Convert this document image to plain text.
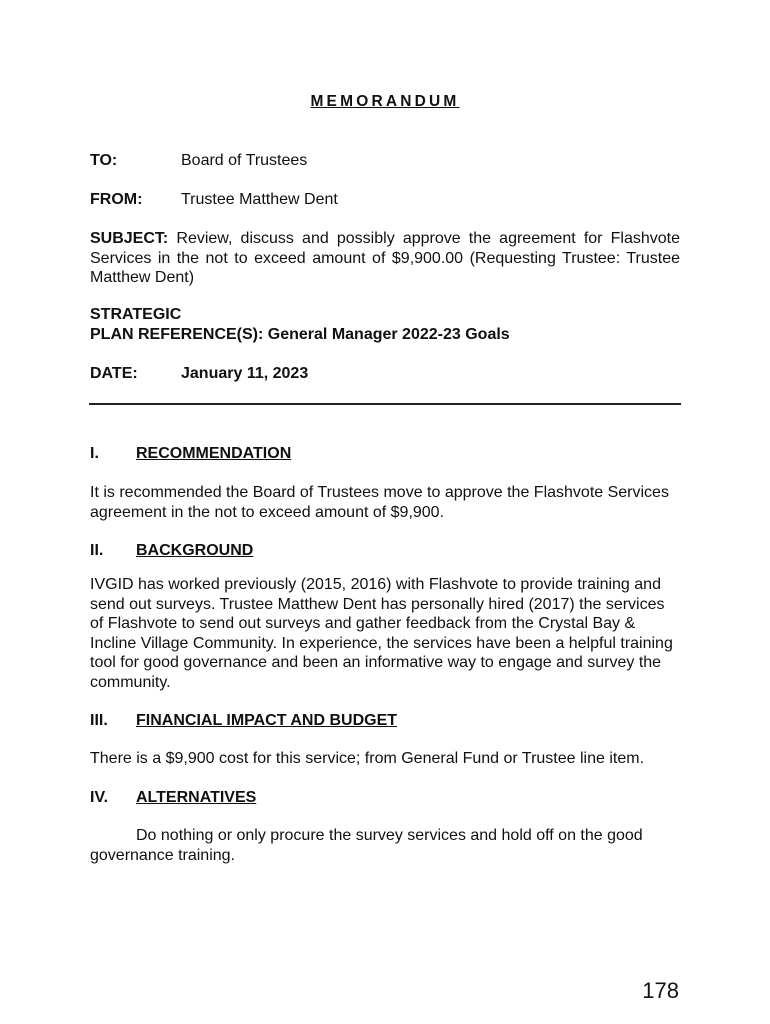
MEMORANDUM
TO:	Board of Trustees
FROM: Trustee Matthew Dent
SUBJECT: Review, discuss and possibly approve the agreement for Flashvote Services in the not to exceed amount of $9,900.00 (Requesting Trustee: Trustee Matthew Dent)
STRATEGIC
PLAN REFERENCE(S): General Manager 2022-23 Goals
DATE:	January 11, 2023
I. RECOMMENDATION
It is recommended the Board of Trustees move to approve the Flashvote Services agreement in the not to exceed amount of $9,900.
II. BACKGROUND
IVGID has worked previously (2015, 2016) with Flashvote to provide training and send out surveys. Trustee Matthew Dent has personally hired (2017) the services of Flashvote to send out surveys and gather feedback from the Crystal Bay & Incline Village Community. In experience, the services have been a helpful training tool for good governance and been an informative way to engage and survey the community.
III. FINANCIAL IMPACT AND BUDGET
There is a $9,900 cost for this service; from General Fund or Trustee line item.
IV. ALTERNATIVES
Do nothing or only procure the survey services and hold off on the good governance training.
178
